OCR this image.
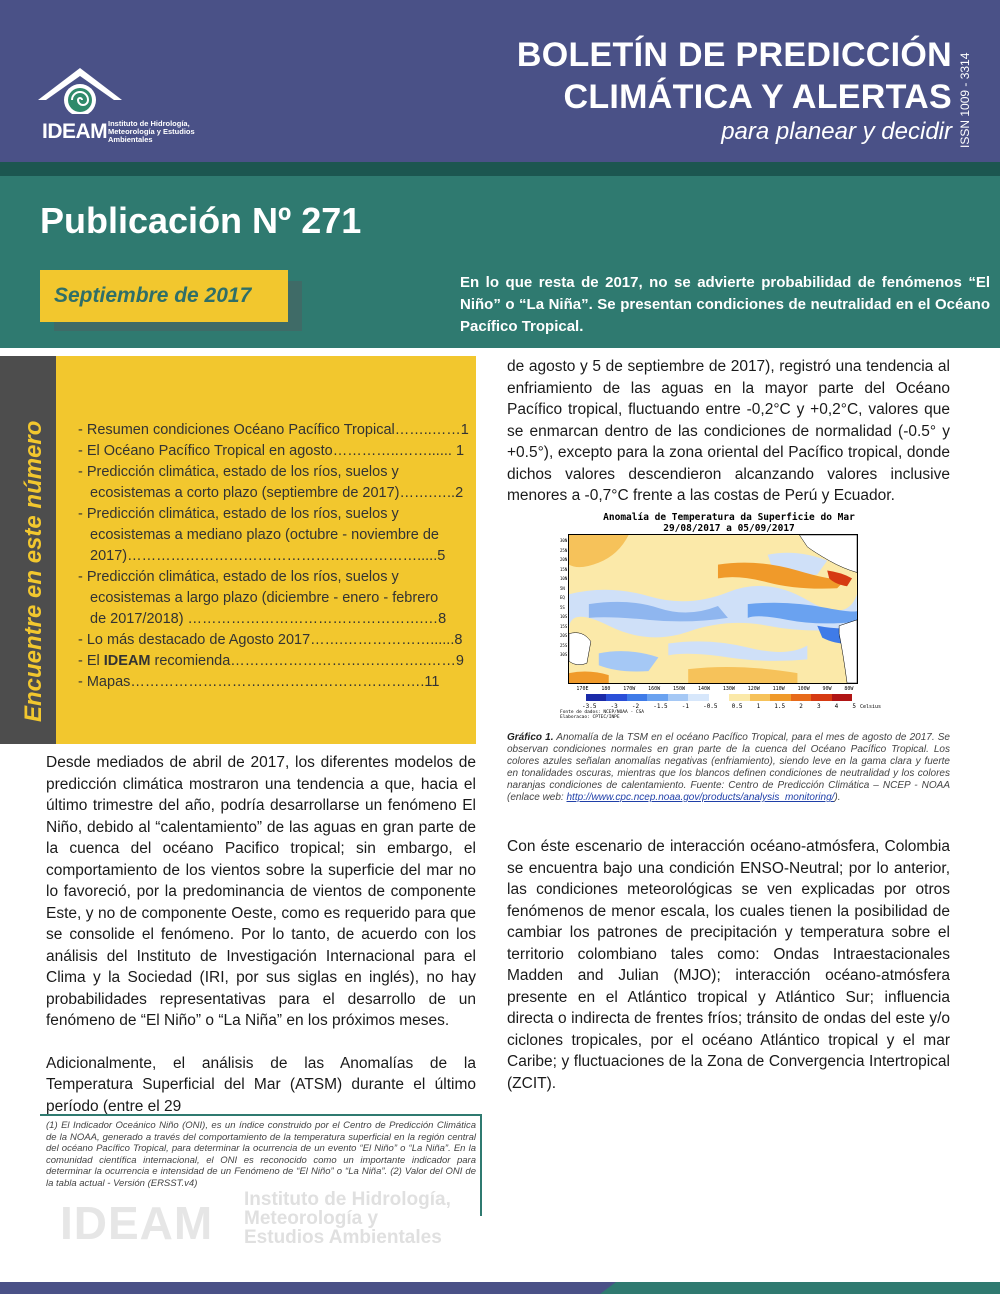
IDEAM Instituto de Hidrología, Meteorología y Estudios Ambientales
BOLETÍN DE PREDICCIÓN
CLIMÁTICA Y ALERTAS
para planear y decidir ISSN 1009 - 3314
Publicación Nº 271
Septiembre de 2017
En lo que resta de 2017, no se advierte probabilidad de fenómenos “El Niño” o “La Niña”. Se presentan condiciones de neutralidad en el Océano Pacífico Tropical.
Encuentre en este número - Resumen condiciones Océano Pacífico Tropical……..……1
- El Océano Pacífico Tropical en agosto…………..……...... 1
- Predicción climática, estado de los ríos, suelos y
ecosistemas a corto plazo (septiembre de 2017)…….…..2
- Predicción climática, estado de los ríos, suelos y
ecosistemas a mediano plazo (octubre - noviembre de
2017)…………………………………………………….....5
- Predicción climática, estado de los ríos, suelos y
ecosistemas a largo plazo (diciembre - enero - febrero
de 2017/2018) ………………………………………….…8
- Lo más destacado de Agosto 2017…….………………......8
- El IDEAM recomienda…………………………………..……9
- Mapas…………………………………………………….11

de agosto y 5 de septiembre de 2017), registró una tendencia al enfriamiento de las aguas en la mayor parte del Océano Pacífico tropical, fluctuando entre -0,2°C y +0,2°C, valores que se enmarcan dentro de las condiciones de normalidad (-0.5° y +0.5°), excepto para la zona oriental del Pacífico tropical, donde dichos valores descendieron alcanzando valores inclusive menores a -0,7°C frente a las costas de Perú y Ecuador.

Anomalía de Temperatura da Superficie do Mar
29/08/2017 a 05/09/2017
30N
25N
20N
15N
10N
5N
EQ
5S
10S
15S
20S
25S
30S
170E	180	170W	160W	150W	140W	130W	120W	110W	100W	90W	80W
-3.5 -3 -2 -1.5 -1 -0.5 0.5 1 1.5 2 3 4 5 Celsius
Fonte de dados: NCEP/NOAA - CSA
Elaboracao: CPTEC/INPE
Gráfico 1. Anomalía de la TSM en el océano Pacífico Tropical, para el mes de agosto de 2017. Se observan condiciones normales en gran parte de la cuenca del Océano Pacífico Tropical. Los colores azules señalan anomalías negativas (enfriamiento), siendo leve en la gama clara y fuerte en tonalidades oscuras, mientras que los blancos definen condiciones de neutralidad y los colores naranjas condiciones de calentamiento. Fuente: Centro de Predicción Climática – NCEP - NOAA (enlace web: http://www.cpc.ncep.noaa.gov/products/analysis_monitoring/).

Con éste escenario de interacción océano-atmósfera, Colombia se encuentra bajo una condición ENSO-Neutral; por lo anterior, las condiciones meteorológicas se ven explicadas por otros fenómenos de menor escala, los cuales tienen la posibilidad de cambiar los patrones de precipitación y temperatura sobre el territorio colombiano tales como: Ondas Intraestacionales Madden and Julian (MJO); interacción océano-atmósfera presente en el Atlántico tropical y Atlántico Sur; influencia directa o indirecta de frentes fríos; tránsito de ondas del este y/o ciclones tropicales, por el océano Atlántico tropical y el mar Caribe; y fluctuaciones de la Zona de Convergencia Intertropical (ZCIT).

Desde mediados de abril de 2017, los diferentes modelos de predicción climática mostraron una tendencia a que, hacia el último trimestre del año, podría desarrollarse un fenómeno El Niño, debido al “calentamiento” de las aguas en gran parte de la cuenca del océano Pacifico tropical; sin embargo, el comportamiento de los vientos sobre la superficie del mar no lo favoreció, por la predominancia de vientos de componente Este, y no de componente Oeste, como es requerido para que se consolide el fenómeno. Por lo tanto, de acuerdo con los análisis del Instituto de Investigación Internacional para el Clima y la Sociedad (IRI, por sus siglas en inglés), no hay probabilidades representativas para el desarrollo de un fenómeno de “El Niño” o “La Niña” en los próximos meses.

Adicionalmente, el análisis de las Anomalías de la Temperatura Superficial del Mar (ATSM) durante el último período (entre el 29

(1) El Indicador Oceánico Niño (ONI), es un índice construido por el Centro de Predicción Climática de la NOAA, generado a través del comportamiento de la temperatura superficial en la región central del océano Pacífico Tropical, para determinar la ocurrencia de un evento “El Niño” o “La Niña”. En la comunidad científica internacional, el ONI es reconocido como un importante indicador para determinar la ocurrencia e intensidad de un Fenómeno de “El Niño” o “La Niña”. (2) Valor del ONI de la tabla actual - Versión (ERSST.v4)
IDEAM Instituto de Hidrología,
Meteorología y
Estudios Ambientales
